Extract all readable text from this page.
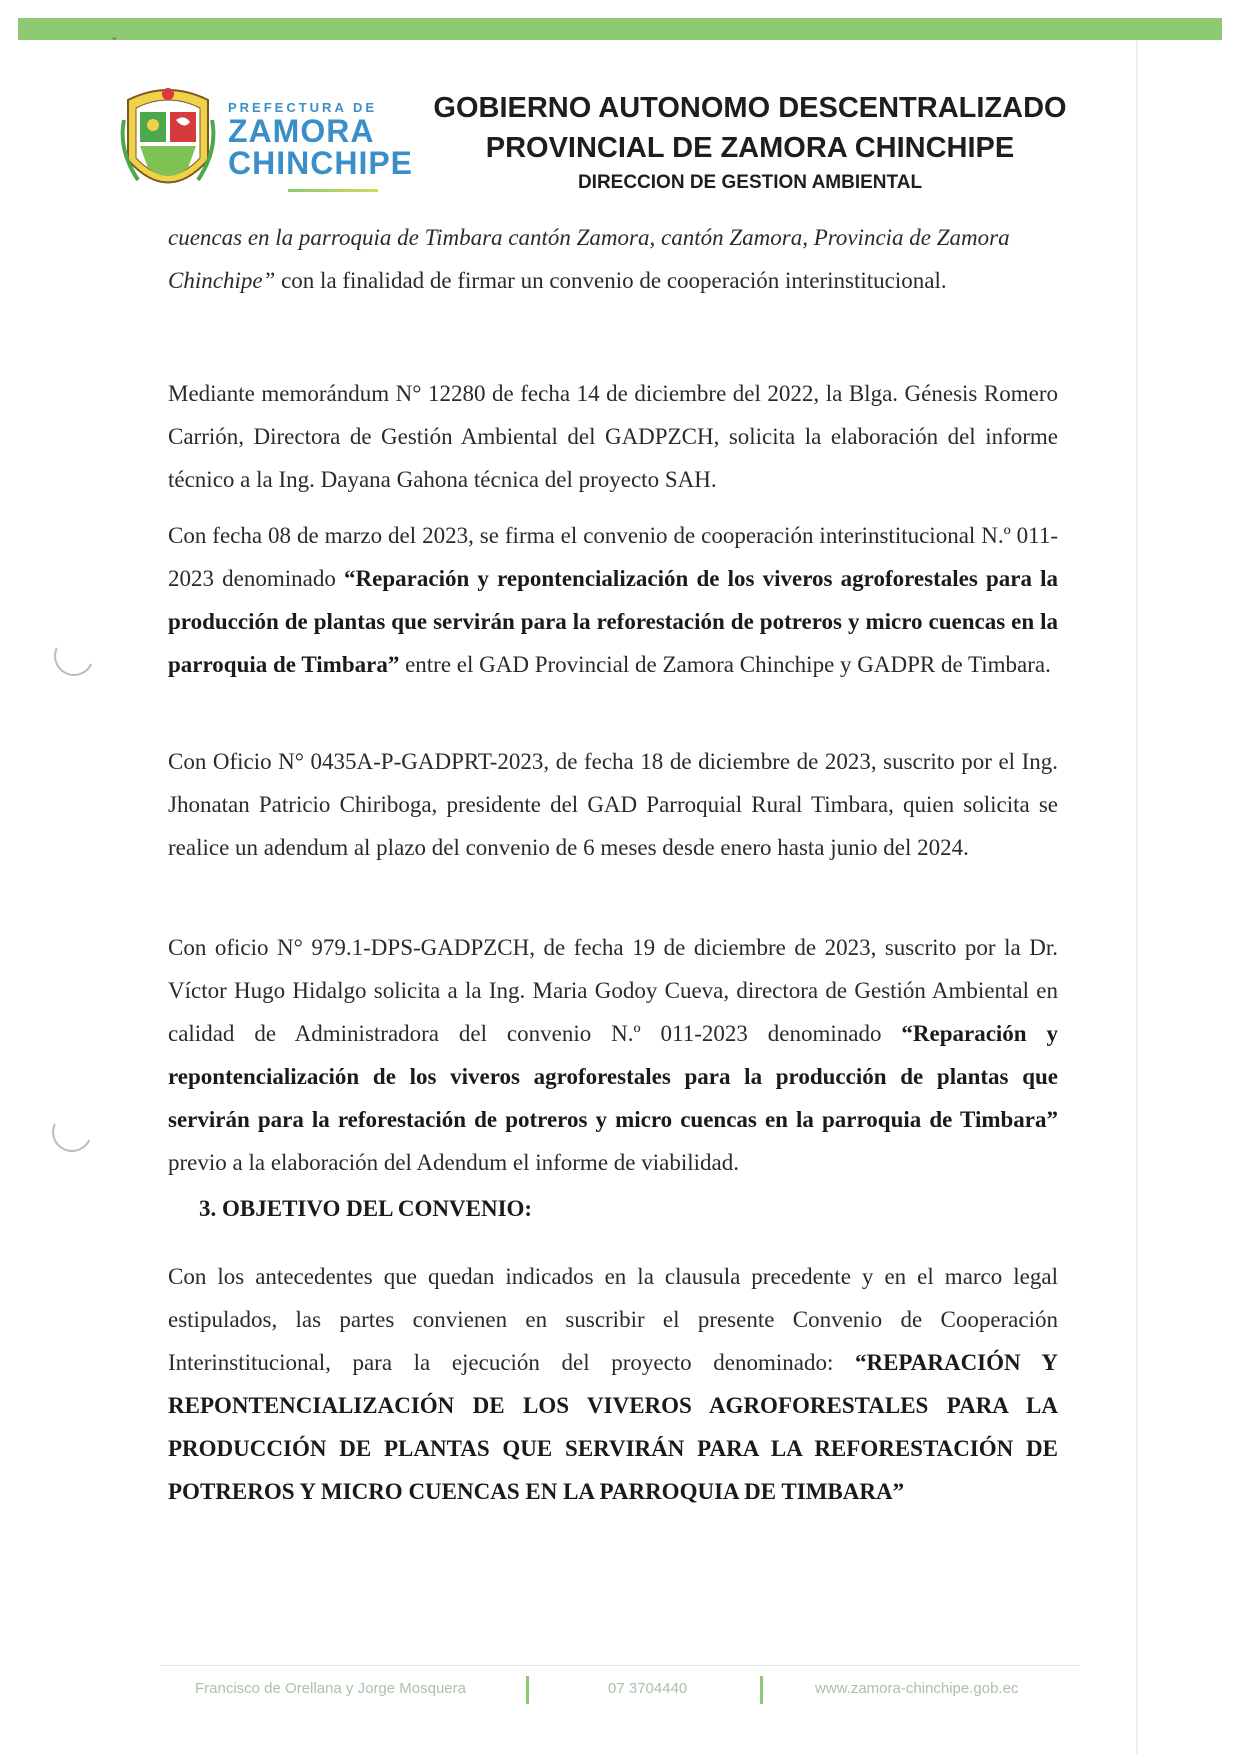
ˇ
PREFECTURA DE
ZAMORA
CHINCHIPE
GOBIERNO AUTONOMO DESCENTRALIZADO
PROVINCIAL DE ZAMORA CHINCHIPE
DIRECCION DE GESTION AMBIENTAL

cuencas en la parroquia de Timbara cantón Zamora, cantón Zamora, Provincia de Zamora
Chinchipe” con la finalidad de firmar un convenio de cooperación interinstitucional.

Mediante memorándum N° 12280 de fecha 14 de diciembre del 2022, la Blga. Génesis Romero Carrión, Directora de Gestión Ambiental del GADPZCH, solicita la elaboración del informe técnico a la Ing. Dayana Gahona técnica del proyecto SAH.

Con fecha 08 de marzo del 2023, se firma el convenio de cooperación interinstitucional N.º 011-2023 denominado “Reparación y repontencialización de los viveros agroforestales para la producción de plantas que servirán para la reforestación de potreros y micro cuencas en la parroquia de Timbara” entre el GAD Provincial de Zamora Chinchipe y GADPR de Timbara.

Con Oficio N° 0435A-P-GADPRT-2023, de fecha 18 de diciembre de 2023, suscrito por el Ing. Jhonatan Patricio Chiriboga, presidente del GAD Parroquial Rural Timbara, quien solicita se realice un adendum al plazo del convenio de 6 meses desde enero hasta junio del 2024.

Con oficio N° 979.1-DPS-GADPZCH, de fecha 19 de diciembre de 2023, suscrito por la Dr. Víctor Hugo Hidalgo solicita a la Ing. Maria Godoy Cueva, directora de Gestión Ambiental en calidad de Administradora del convenio N.º 011-2023 denominado “Reparación y repontencialización de los viveros agroforestales para la producción de plantas que servirán para la reforestación de potreros y micro cuencas en la parroquia de Timbara” previo a la elaboración del Adendum el informe de viabilidad.

3. OBJETIVO DEL CONVENIO:

Con los antecedentes que quedan indicados en la clausula precedente y en el marco legal estipulados, las partes convienen en suscribir el presente Convenio de Cooperación Interinstitucional, para la ejecución del proyecto denominado: “REPARACIÓN Y REPONTENCIALIZACIÓN DE LOS VIVEROS AGROFORESTALES PARA LA PRODUCCIÓN DE PLANTAS QUE SERVIRÁN PARA LA REFORESTACIÓN DE POTREROS Y MICRO CUENCAS EN LA PARROQUIA DE TIMBARA”

Francisco de Orellana y Jorge Mosquera	07 3704440	www.zamora-chinchipe.gob.ec
